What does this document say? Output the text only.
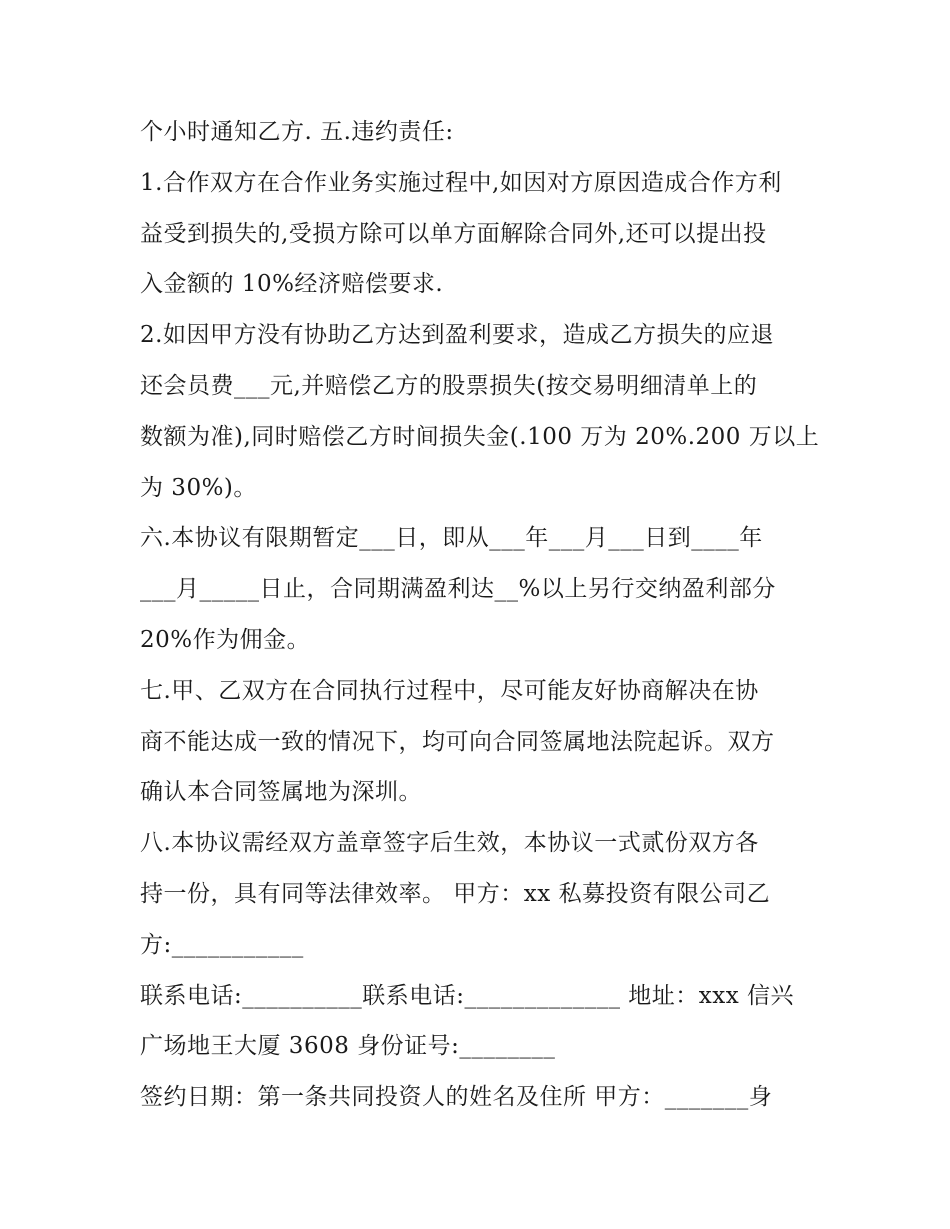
个小时通知乙方. 五.违约责任:
1.合作双方在合作业务实施过程中,如因对方原因造成合作方利
益受到损失的,受损方除可以单方面解除合同外,还可以提出投
入金额的 10%经济赔偿要求.
2.如因甲方没有协助乙方达到盈利要求，造成乙方损失的应退
还会员费___元,并赔偿乙方的股票损失(按交易明细清单上的
数额为准),同时赔偿乙方时间损失金(.100 万为 20%.200 万以上
为 30%)。
六.本协议有限期暂定___日，即从___年___月___日到____年
___月_____日止，合同期满盈利达__%以上另行交纳盈利部分
20%作为佣金。
七.甲、乙双方在合同执行过程中，尽可能友好协商解决在协
商不能达成一致的情况下，均可向合同签属地法院起诉。双方
确认本合同签属地为深圳。
八.本协议需经双方盖章签字后生效，本协议一式贰份双方各
持一份，具有同等法律效率。 甲方：xx 私募投资有限公司乙
方:___________
联系电话:__________联系电话:_____________ 地址：xxx 信兴
广场地王大厦 3608 身份证号:________
签约日期：第一条共同投资人的姓名及住所 甲方：_______身
